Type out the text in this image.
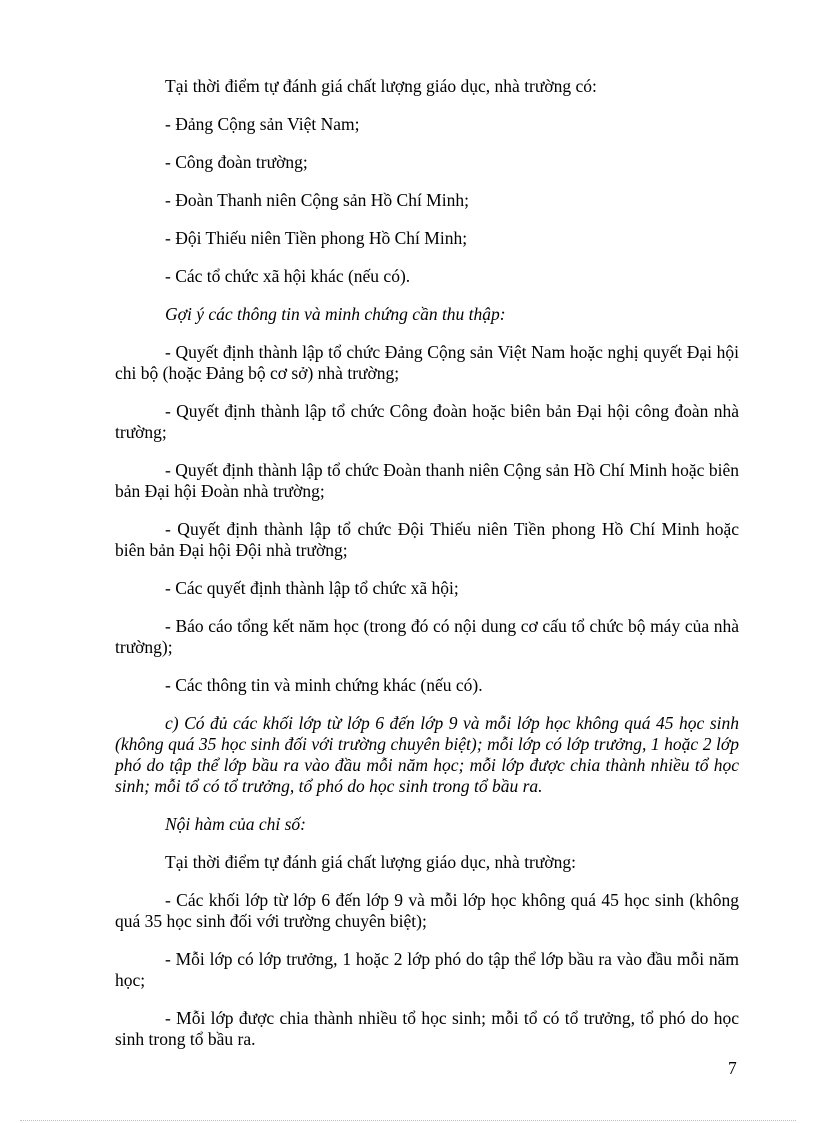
Tại thời điểm tự đánh giá chất lượng giáo dục, nhà trường có:

- Đảng Cộng sản Việt Nam;

- Công đoàn trường;

- Đoàn Thanh niên Cộng sản Hồ Chí Minh;

- Đội Thiếu niên Tiền phong Hồ Chí Minh;

- Các tổ chức xã hội khác (nếu có).

Gợi ý các thông tin và minh chứng cần thu thập:

- Quyết định thành lập tổ chức Đảng Cộng sản Việt Nam hoặc nghị quyết Đại hội chi bộ (hoặc Đảng bộ cơ sở) nhà trường;

- Quyết định thành lập tổ chức Công đoàn hoặc biên bản Đại hội công đoàn nhà trường;

- Quyết định thành lập tổ chức Đoàn thanh niên Cộng sản Hồ Chí Minh hoặc biên bản Đại hội Đoàn nhà trường;

- Quyết định thành lập tổ chức Đội Thiếu niên Tiền phong Hồ Chí Minh hoặc biên bản Đại hội Đội nhà trường;

- Các quyết định thành lập tổ chức xã hội;

- Báo cáo tổng kết năm học (trong đó có nội dung cơ cấu tổ chức bộ máy của nhà trường);

- Các thông tin và minh chứng khác (nếu có).

c) Có đủ các khối lớp từ lớp 6 đến lớp 9 và mỗi lớp học không quá 45 học sinh (không quá 35 học sinh đối với trường chuyên biệt); mỗi lớp có lớp trưởng, 1 hoặc 2 lớp phó do tập thể lớp bầu ra vào đầu mỗi năm học; mỗi lớp được chia thành nhiều tổ học sinh; mỗi tổ có tổ trưởng, tổ phó do học sinh trong tổ bầu ra.

Nội hàm của chỉ số:

Tại thời điểm tự đánh giá chất lượng giáo dục, nhà trường:

- Các khối lớp từ lớp 6 đến lớp 9 và mỗi lớp học không quá 45 học sinh (không quá 35 học sinh đối với trường chuyên biệt);

- Mỗi lớp có lớp trưởng, 1 hoặc 2 lớp phó do tập thể lớp bầu ra vào đầu mỗi năm học;

- Mỗi lớp được chia thành nhiều tổ học sinh; mỗi tổ có tổ trưởng, tổ phó do học sinh trong tổ bầu ra.

7
